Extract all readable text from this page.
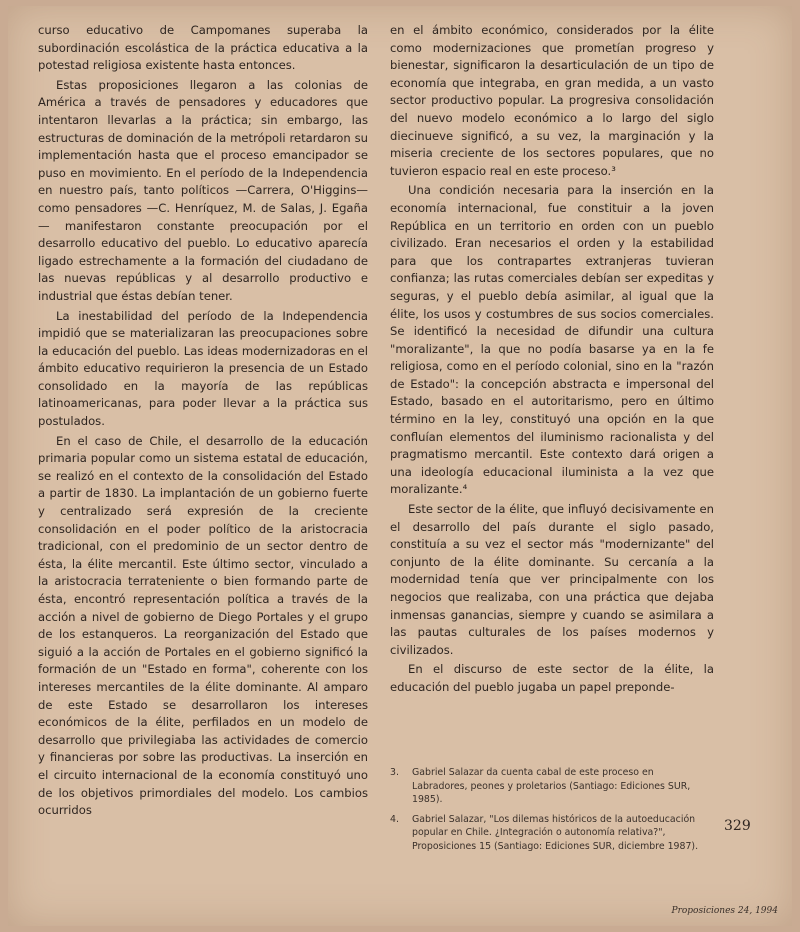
curso educativo de Campomanes superaba la subordinación escolástica de la práctica educativa a la potestad religiosa existente hasta entonces.

Estas proposiciones llegaron a las colonias de América a través de pensadores y educadores que intentaron llevarlas a la práctica; sin embargo, las estructuras de dominación de la metrópoli retardaron su implementación hasta que el proceso emancipador se puso en movimiento. En el período de la Independencia en nuestro país, tanto políticos —Carrera, O'Higgins— como pensadores —C. Henríquez, M. de Salas, J. Egaña— manifestaron constante preocupación por el desarrollo educativo del pueblo. Lo educativo aparecía ligado estrechamente a la formación del ciudadano de las nuevas repúblicas y al desarrollo productivo e industrial que éstas debían tener.

La inestabilidad del período de la Independencia impidió que se materializaran las preocupaciones sobre la educación del pueblo. Las ideas modernizadoras en el ámbito educativo requirieron la presencia de un Estado consolidado en la mayoría de las repúblicas latinoamericanas, para poder llevar a la práctica sus postulados.

En el caso de Chile, el desarrollo de la educación primaria popular como un sistema estatal de educación, se realizó en el contexto de la consolidación del Estado a partir de 1830. La implantación de un gobierno fuerte y centralizado será expresión de la creciente consolidación en el poder político de la aristocracia tradicional, con el predominio de un sector dentro de ésta, la élite mercantil. Este último sector, vinculado a la aristocracia terrateniente o bien formando parte de ésta, encontró representación política a través de la acción a nivel de gobierno de Diego Portales y el grupo de los estanqueros. La reorganización del Estado que siguió a la acción de Portales en el gobierno significó la formación de un "Estado en forma", coherente con los intereses mercantiles de la élite dominante. Al amparo de este Estado se desarrollaron los intereses económicos de la élite, perfilados en un modelo de desarrollo que privilegiaba las actividades de comercio y financieras por sobre las productivas. La inserción en el circuito internacional de la economía constituyó uno de los objetivos primordiales del modelo. Los cambios ocurridos

en el ámbito económico, considerados por la élite como modernizaciones que prometían progreso y bienestar, significaron la desarticulación de un tipo de economía que integraba, en gran medida, a un vasto sector productivo popular. La progresiva consolidación del nuevo modelo económico a lo largo del siglo diecinueve significó, a su vez, la marginación y la miseria creciente de los sectores populares, que no tuvieron espacio real en este proceso.³

Una condición necesaria para la inserción en la economía internacional, fue constituir a la joven República en un territorio en orden con un pueblo civilizado. Eran necesarios el orden y la estabilidad para que los contrapartes extranjeras tuvieran confianza; las rutas comerciales debían ser expeditas y seguras, y el pueblo debía asimilar, al igual que la élite, los usos y costumbres de sus socios comerciales. Se identificó la necesidad de difundir una cultura "moralizante", la que no podía basarse ya en la fe religiosa, como en el período colonial, sino en la "razón de Estado": la concepción abstracta e impersonal del Estado, basado en el autoritarismo, pero en último término en la ley, constituyó una opción en la que confluían elementos del iluminismo racionalista y del pragmatismo mercantil. Este contexto dará origen a una ideología educacional iluminista a la vez que moralizante.⁴

Este sector de la élite, que influyó decisivamente en el desarrollo del país durante el siglo pasado, constituía a su vez el sector más "modernizante" del conjunto de la élite dominante. Su cercanía a la modernidad tenía que ver principalmente con los negocios que realizaba, con una práctica que dejaba inmensas ganancias, siempre y cuando se asimilara a las pautas culturales de los países modernos y civilizados.

En el discurso de este sector de la élite, la educación del pueblo jugaba un papel preponde-

3.	Gabriel Salazar da cuenta cabal de este proceso en Labradores, peones y proletarios (Santiago: Ediciones SUR, 1985).
4.	Gabriel Salazar, "Los dilemas históricos de la autoeducación popular en Chile. ¿Integración o autonomía relativa?", Proposiciones 15 (Santiago: Ediciones SUR, diciembre 1987).
329
Proposiciones 24, 1994
